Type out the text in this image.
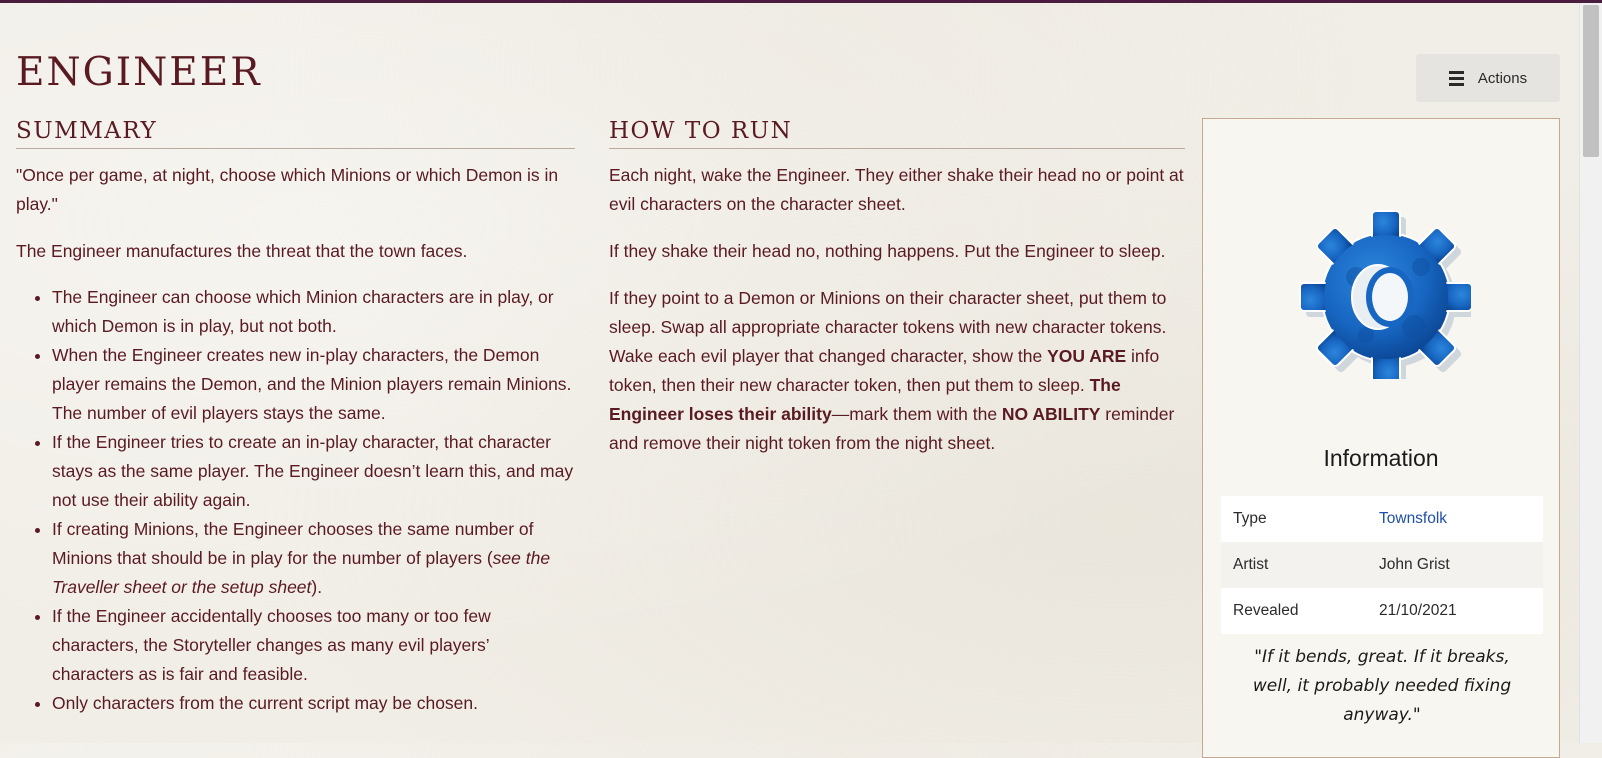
ENGINEER	Actions
SUMMARY

"Once per game, at night, choose which Minions or which Demon is in play."

The Engineer manufactures the threat that the town faces.

• The Engineer can choose which Minion characters are in play, or which Demon is in play, but not both.
• When the Engineer creates new in-play characters, the Demon player remains the Demon, and the Minion players remain Minions. The number of evil players stays the same.
• If the Engineer tries to create an in-play character, that character stays as the same player. The Engineer doesn’t learn this, and may not use their ability again.
• If creating Minions, the Engineer chooses the same number of Minions that should be in play for the number of players (see the Traveller sheet or the setup sheet).
• If the Engineer accidentally chooses too many or too few characters, the Storyteller changes as many evil players’ characters as is fair and feasible.
• Only characters from the current script may be chosen.
HOW TO RUN

Each night, wake the Engineer. They either shake their head no or point at evil characters on the character sheet.

If they shake their head no, nothing happens. Put the Engineer to sleep.

If they point to a Demon or Minions on their character sheet, put them to sleep. Swap all appropriate character tokens with new character tokens. Wake each evil player that changed character, show the YOU ARE info token, then their new character token, then put them to sleep. The Engineer loses their ability—mark them with the NO ABILITY reminder and remove their night token from the night sheet.

Information
Type	Townsfolk
Artist	John Grist
Revealed	21/10/2021

"If it bends, great. If it breaks, well, it probably needed fixing anyway."
